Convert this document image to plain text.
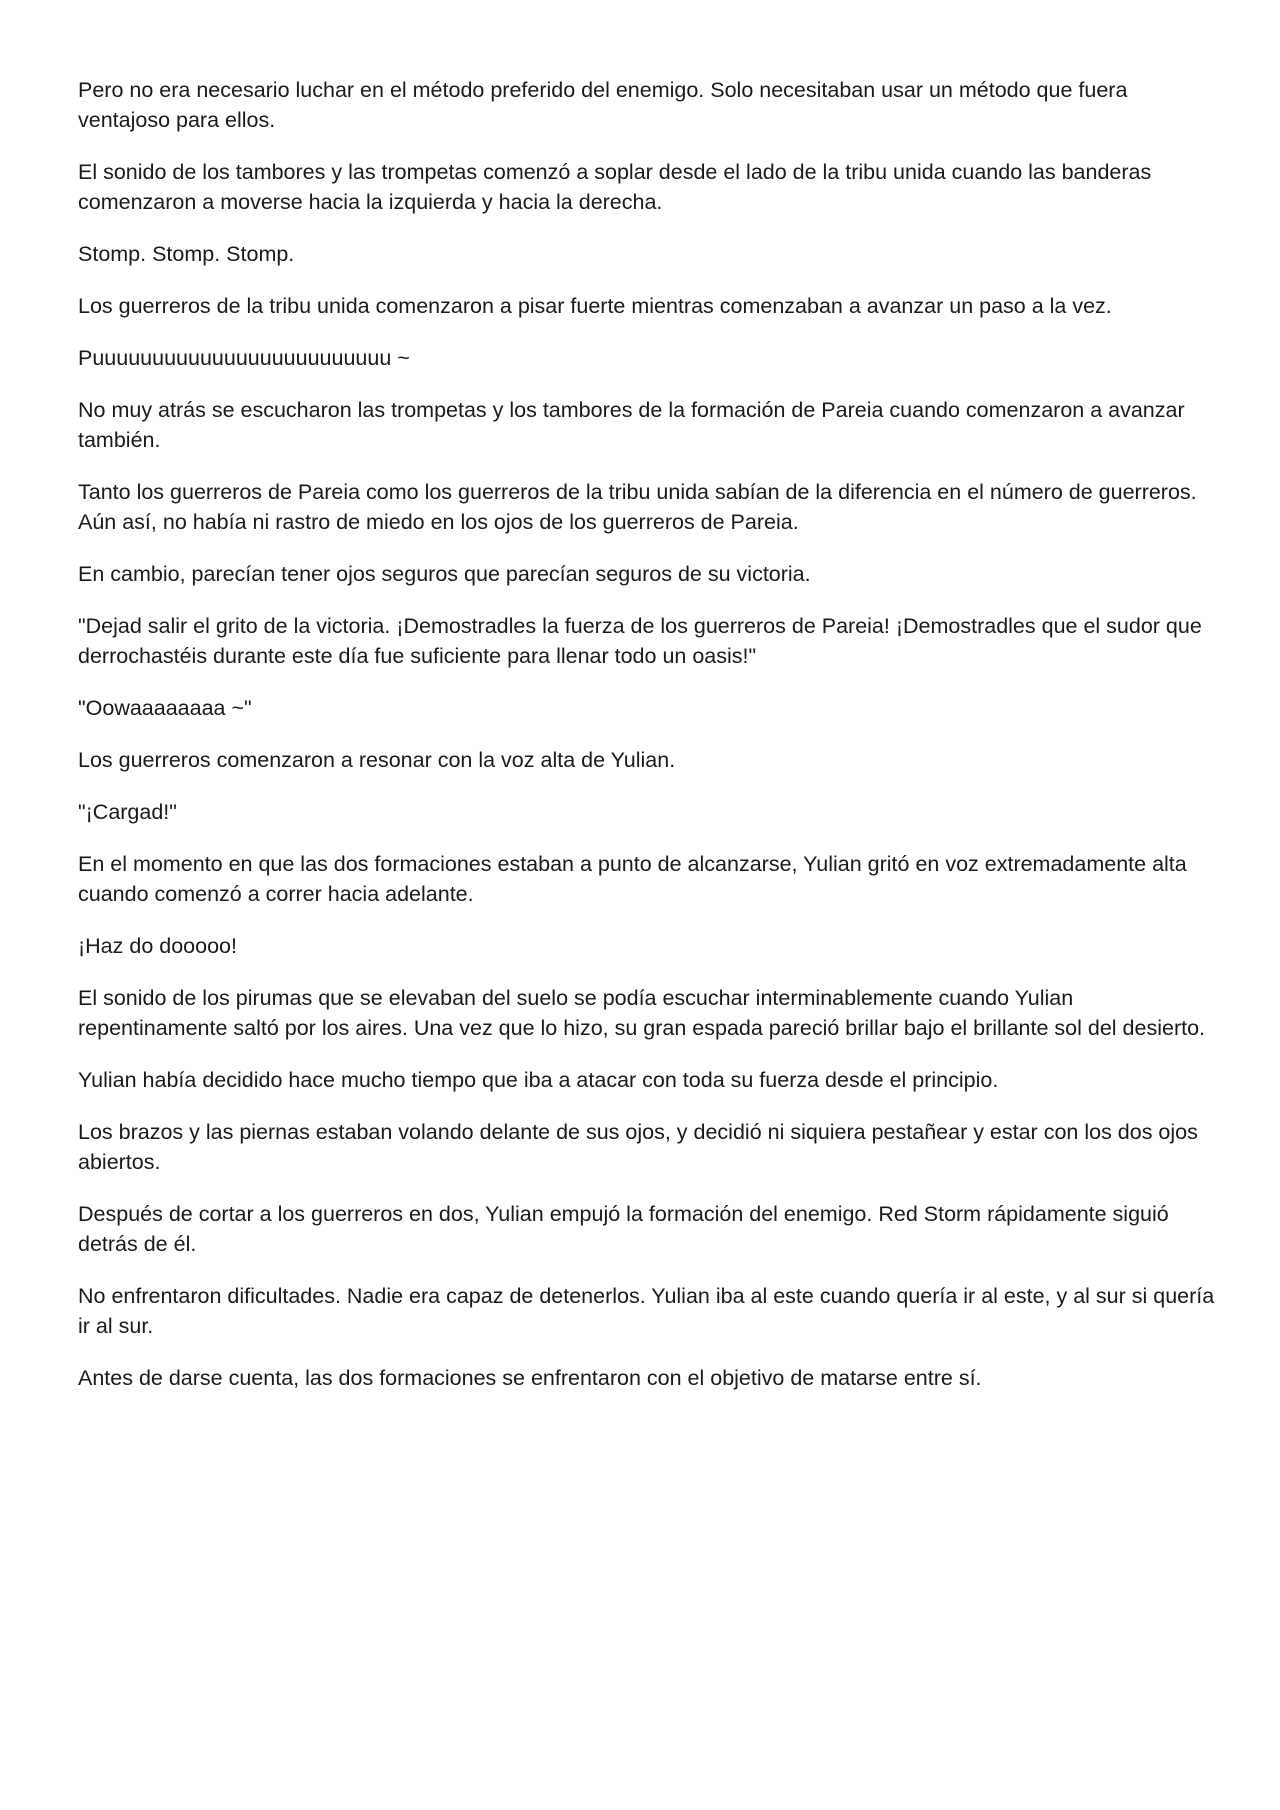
Pero no era necesario luchar en el método preferido del enemigo. Solo necesitaban usar un método que fuera ventajoso para ellos.

El sonido de los tambores y las trompetas comenzó a soplar desde el lado de la tribu unida cuando las banderas comenzaron a moverse hacia la izquierda y hacia la derecha.

Stomp. Stomp. Stomp.

Los guerreros de la tribu unida comenzaron a pisar fuerte mientras comenzaban a avanzar un paso a la vez.

Puuuuuuuuuuuuuuuuuuuuuuuuu ~

No muy atrás se escucharon las trompetas y los tambores de la formación de Pareia cuando comenzaron a avanzar también.

Tanto los guerreros de Pareia como los guerreros de la tribu unida sabían de la diferencia en el número de guerreros. Aún así, no había ni rastro de miedo en los ojos de los guerreros de Pareia.

En cambio, parecían tener ojos seguros que parecían seguros de su victoria.

"Dejad salir el grito de la victoria. ¡Demostradles la fuerza de los guerreros de Pareia! ¡Demostradles que el sudor que derrochastéis durante este día fue suficiente para llenar todo un oasis!"

"Oowaaaaaaaa ~"

Los guerreros comenzaron a resonar con la voz alta de Yulian.

"¡Cargad!"

En el momento en que las dos formaciones estaban a punto de alcanzarse, Yulian gritó en voz extremadamente alta cuando comenzó a correr hacia adelante.

¡Haz do dooooo!

El sonido de los pirumas que se elevaban del suelo se podía escuchar interminablemente cuando Yulian repentinamente saltó por los aires. Una vez que lo hizo, su gran espada pareció brillar bajo el brillante sol del desierto.

Yulian había decidido hace mucho tiempo que iba a atacar con toda su fuerza desde el principio.

Los brazos y las piernas estaban volando delante de sus ojos, y decidió ni siquiera pestañear y estar con los dos ojos abiertos.

Después de cortar a los guerreros en dos, Yulian empujó la formación del enemigo. Red Storm rápidamente siguió detrás de él.

No enfrentaron dificultades. Nadie era capaz de detenerlos. Yulian iba al este cuando quería ir al este, y al sur si quería ir al sur.

Antes de darse cuenta, las dos formaciones se enfrentaron con el objetivo de matarse entre sí.
